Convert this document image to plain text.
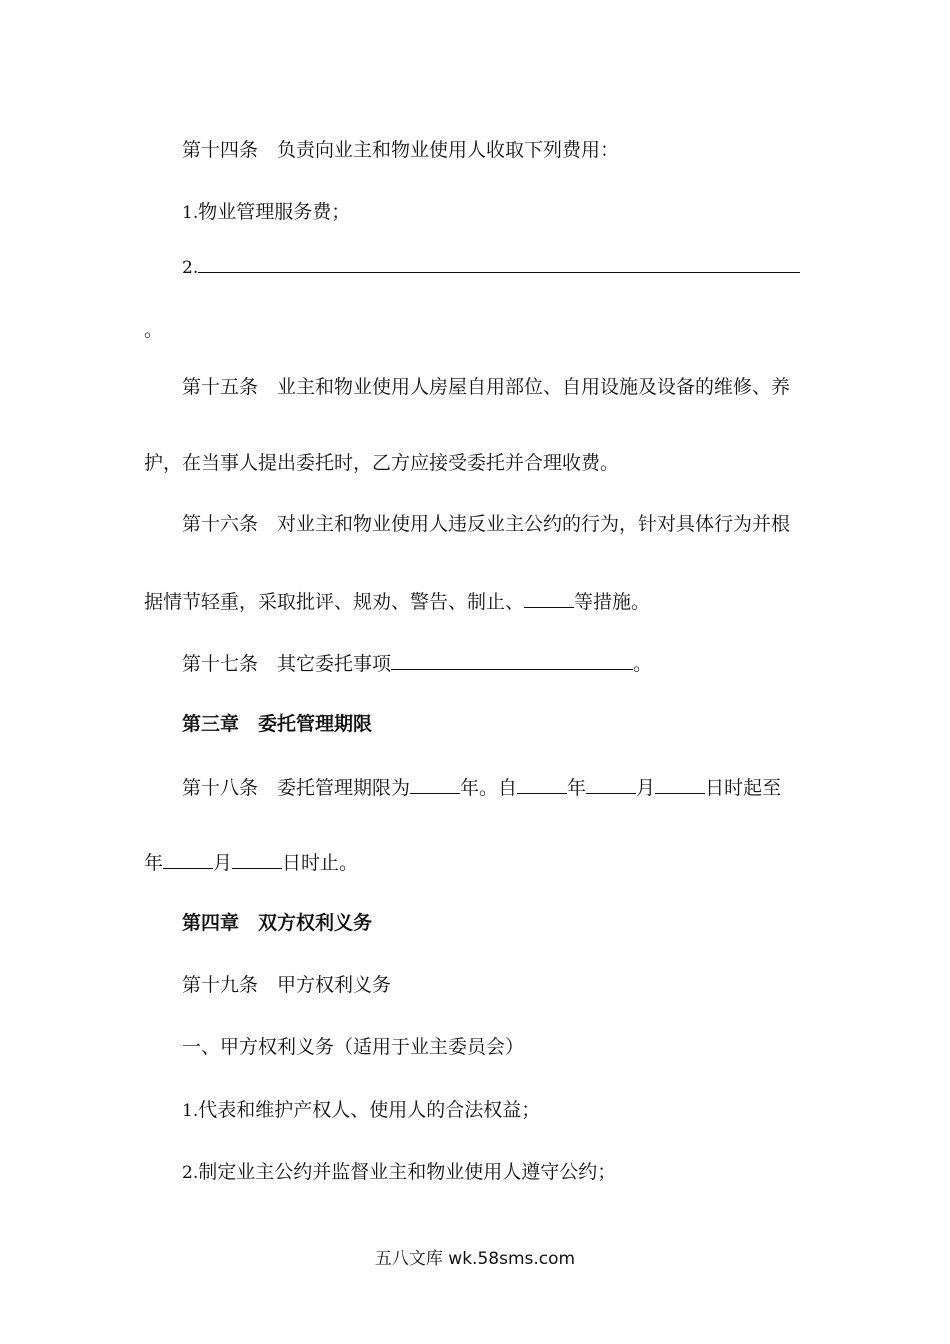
第十四条 负责向业主和物业使用人收取下列费用：
1.物业管理服务费；
2.
。
第十五条 业主和物业使用人房屋自用部位、自用设施及设备的维修、养
护，在当事人提出委托时，乙方应接受委托并合理收费。
第十六条 对业主和物业使用人违反业主公约的行为，针对具体行为并根
据情节轻重，采取批评、规劝、警告、制止、	等措施。
第十七条 其它委托事项	。
第三章 委托管理期限
第十八条 委托管理期限为	年。自	年	月	日时起至
年	月	日时止。
第四章 双方权利义务
第十九条 甲方权利义务
一、甲方权利义务（适用于业主委员会）
1.代表和维护产权人、使用人的合法权益；
2.制定业主公约并监督业主和物业使用人遵守公约；
五八文库 wk.58sms.com
